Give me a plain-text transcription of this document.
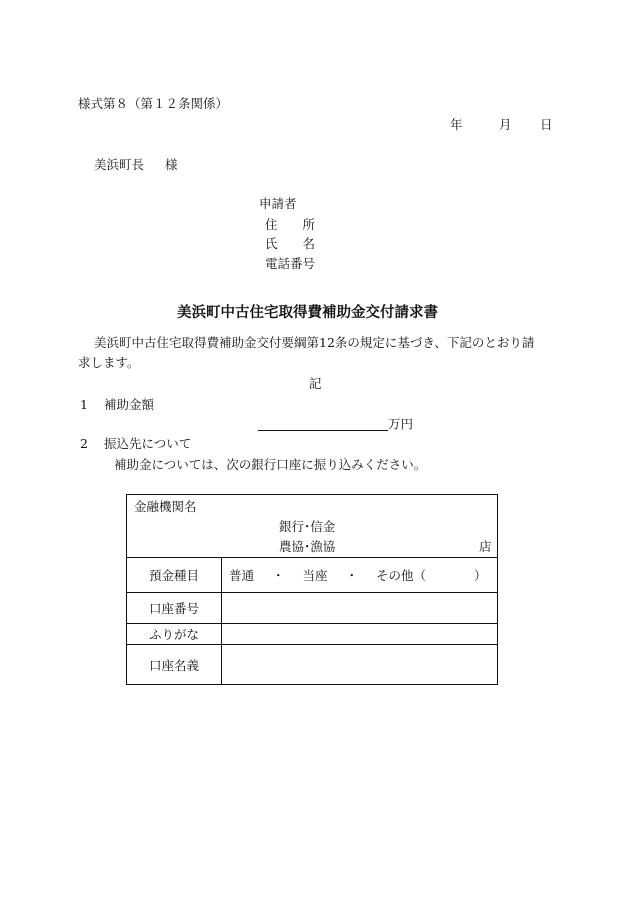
様式第８（第１２条関係）
年	月 日
美浜町長 様
申請者
住　　所
氏　　名
電話番号
美浜町中古住宅取得費補助金交付請求書
美浜町中古住宅取得費補助金交付要綱第12条の規定に基づき、下記のとおり請
求します。
記
1 補助金額
万円
2 振込先について
補助金については、次の銀行口座に振り込みください。
金融機関名
銀行･信金
農協･漁協 店	

預金種目	普通 ・ 当座 ・ その他（ ）
口座番号	
ふりがな	
口座名義	
